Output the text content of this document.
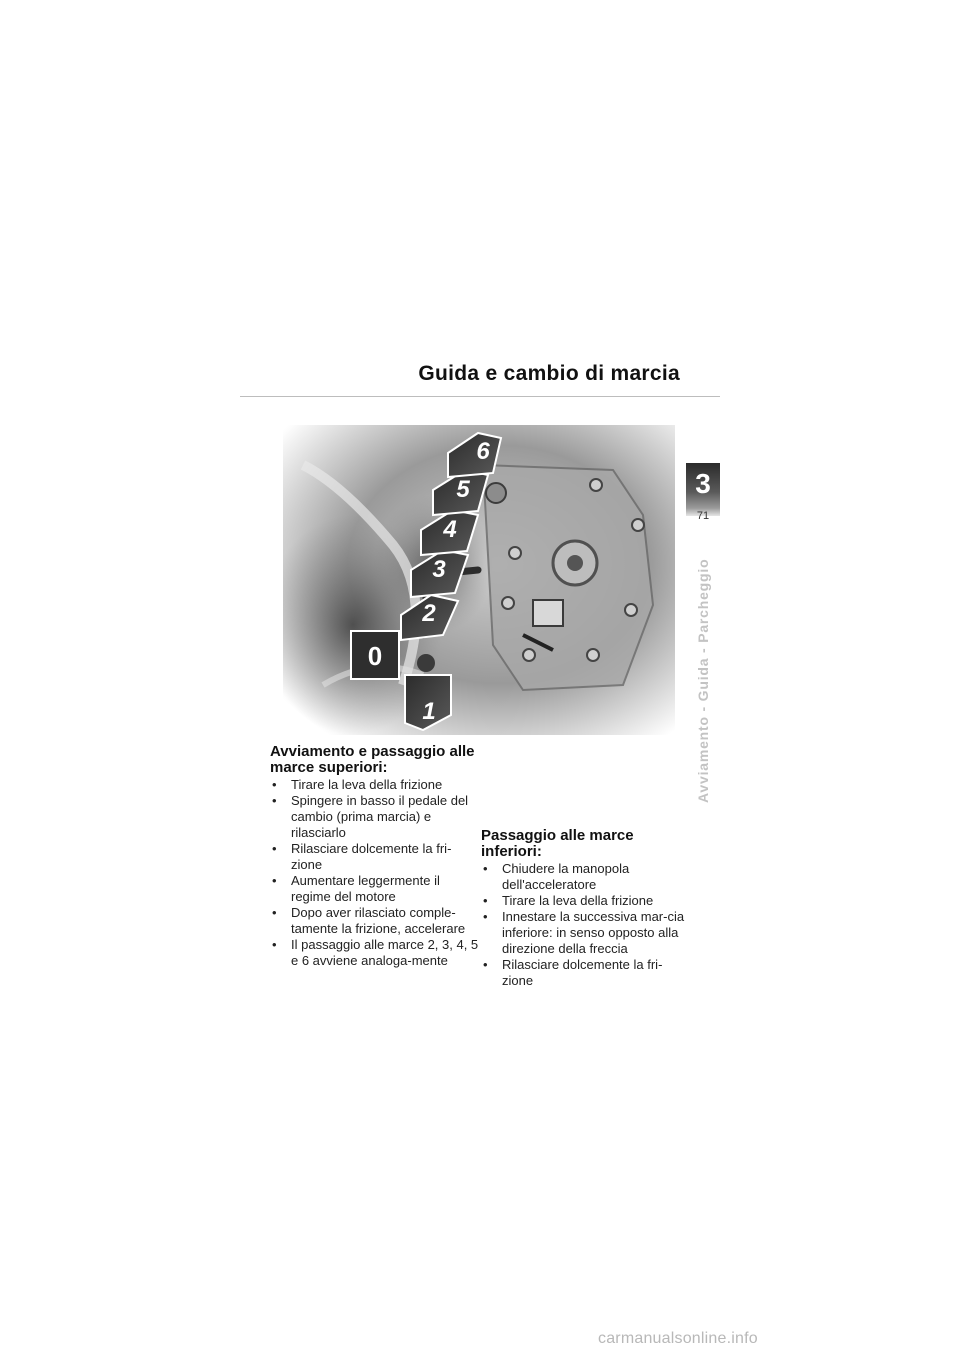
Guida e cambio di marcia
6
5
4
3
2
0
1
3
71
Avviamento - Guida - Parcheggio
Avviamento e passaggio alle marce superiori:
• Tirare la leva della frizione
• Spingere in basso il pedale del cambio (prima marcia) e rilasciarlo
• Rilasciare dolcemente la fri-zione
• Aumentare leggermente il regime del motore
• Dopo aver rilasciato comple-tamente la frizione, accelerare
• Il passaggio alle marce 2, 3, 4, 5 e 6 avviene analoga-mente
Passaggio alle marce inferiori:
• Chiudere la manopola dell'acceleratore
• Tirare la leva della frizione
• Innestare la successiva mar-cia inferiore: in senso opposto alla direzione della freccia
• Rilasciare dolcemente la fri-zione
carmanualsonline.info
